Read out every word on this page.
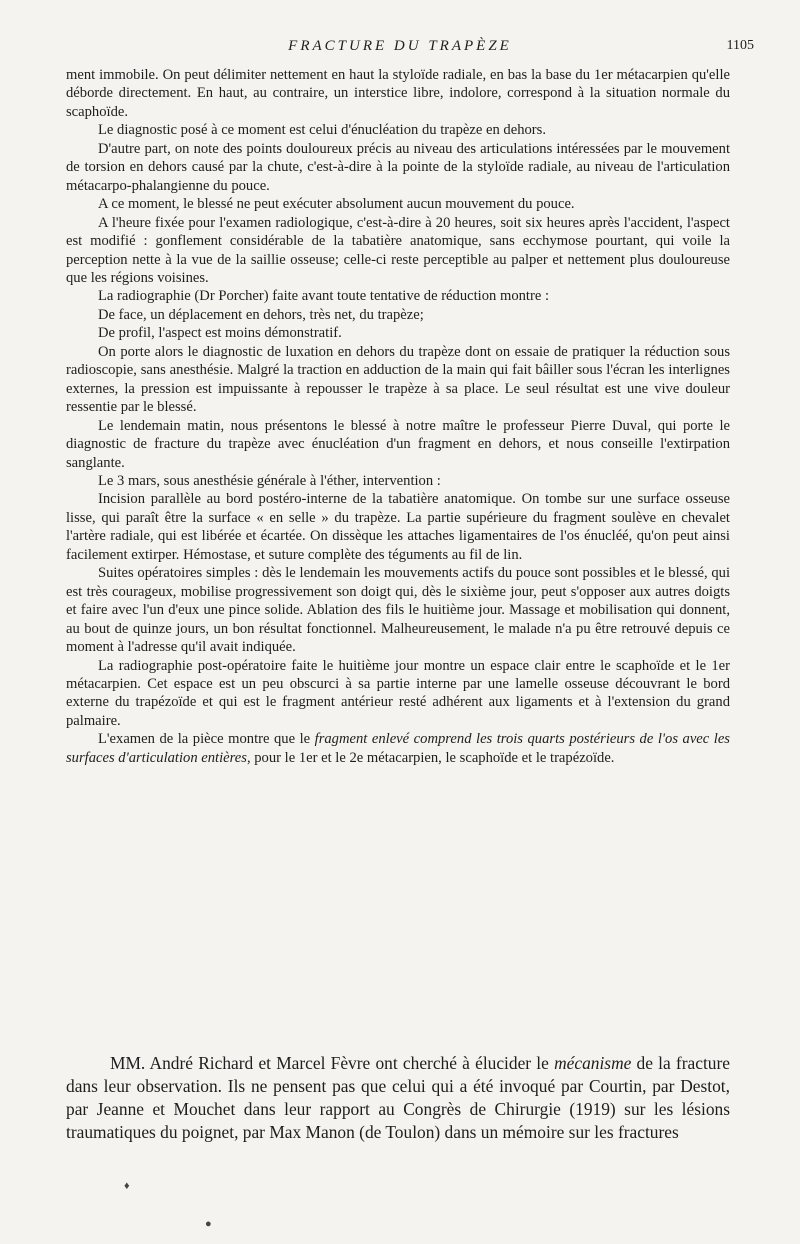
FRACTURE DU TRAPÈZE	1105

ment immobile. On peut délimiter nettement en haut la styloïde radiale, en bas la base du 1er métacarpien qu'elle déborde directement. En haut, au contraire, un interstice libre, indolore, correspond à la situation normale du scaphoïde.

Le diagnostic posé à ce moment est celui d'énucléation du trapèze en dehors.

D'autre part, on note des points douloureux précis au niveau des articulations intéressées par le mouvement de torsion en dehors causé par la chute, c'est-à-dire à la pointe de la styloïde radiale, au niveau de l'articulation métacarpo-phalangienne du pouce.

A ce moment, le blessé ne peut exécuter absolument aucun mouvement du pouce.

A l'heure fixée pour l'examen radiologique, c'est-à-dire à 20 heures, soit six heures après l'accident, l'aspect est modifié : gonflement considérable de la tabatière anatomique, sans ecchymose pourtant, qui voile la perception nette à la vue de la saillie osseuse; celle-ci reste perceptible au palper et nettement plus douloureuse que les régions voisines.

La radiographie (Dr Porcher) faite avant toute tentative de réduction montre :

De face, un déplacement en dehors, très net, du trapèze;

De profil, l'aspect est moins démonstratif.

On porte alors le diagnostic de luxation en dehors du trapèze dont on essaie de pratiquer la réduction sous radioscopie, sans anesthésie. Malgré la traction en adduction de la main qui fait bâiller sous l'écran les interlignes externes, la pression est impuissante à repousser le trapèze à sa place. Le seul résultat est une vive douleur ressentie par le blessé.

Le lendemain matin, nous présentons le blessé à notre maître le professeur Pierre Duval, qui porte le diagnostic de fracture du trapèze avec énucléation d'un fragment en dehors, et nous conseille l'extirpation sanglante.

Le 3 mars, sous anesthésie générale à l'éther, intervention :

Incision parallèle au bord postéro-interne de la tabatière anatomique. On tombe sur une surface osseuse lisse, qui paraît être la surface « en selle » du trapèze. La partie supérieure du fragment soulève en chevalet l'artère radiale, qui est libérée et écartée. On dissèque les attaches ligamentaires de l'os énucléé, qu'on peut ainsi facilement extirper. Hémostase, et suture complète des téguments au fil de lin.

Suites opératoires simples : dès le lendemain les mouvements actifs du pouce sont possibles et le blessé, qui est très courageux, mobilise progressivement son doigt qui, dès le sixième jour, peut s'opposer aux autres doigts et faire avec l'un d'eux une pince solide. Ablation des fils le huitième jour. Massage et mobilisation qui donnent, au bout de quinze jours, un bon résultat fonctionnel. Malheureusement, le malade n'a pu être retrouvé depuis ce moment à l'adresse qu'il avait indiquée.

La radiographie post-opératoire faite le huitième jour montre un espace clair entre le scaphoïde et le 1er métacarpien. Cet espace est un peu obscurci à sa partie interne par une lamelle osseuse découvrant le bord externe du trapézoïde et qui est le fragment antérieur resté adhérent aux ligaments et à l'extension du grand palmaire.

L'examen de la pièce montre que le fragment enlevé comprend les trois quarts postérieurs de l'os avec les surfaces d'articulation entières, pour le 1er et le 2e métacarpien, le scaphoïde et le trapézoïde.

MM. André Richard et Marcel Fèvre ont cherché à élucider le mécanisme de la fracture dans leur observation. Ils ne pensent pas que celui qui a été invoqué par Courtin, par Destot, par Jeanne et Mouchet dans leur rapport au Congrès de Chirurgie (1919) sur les lésions traumatiques du poignet, par Max Manon (de Toulon) dans un mémoire sur les fractures

♦
●
